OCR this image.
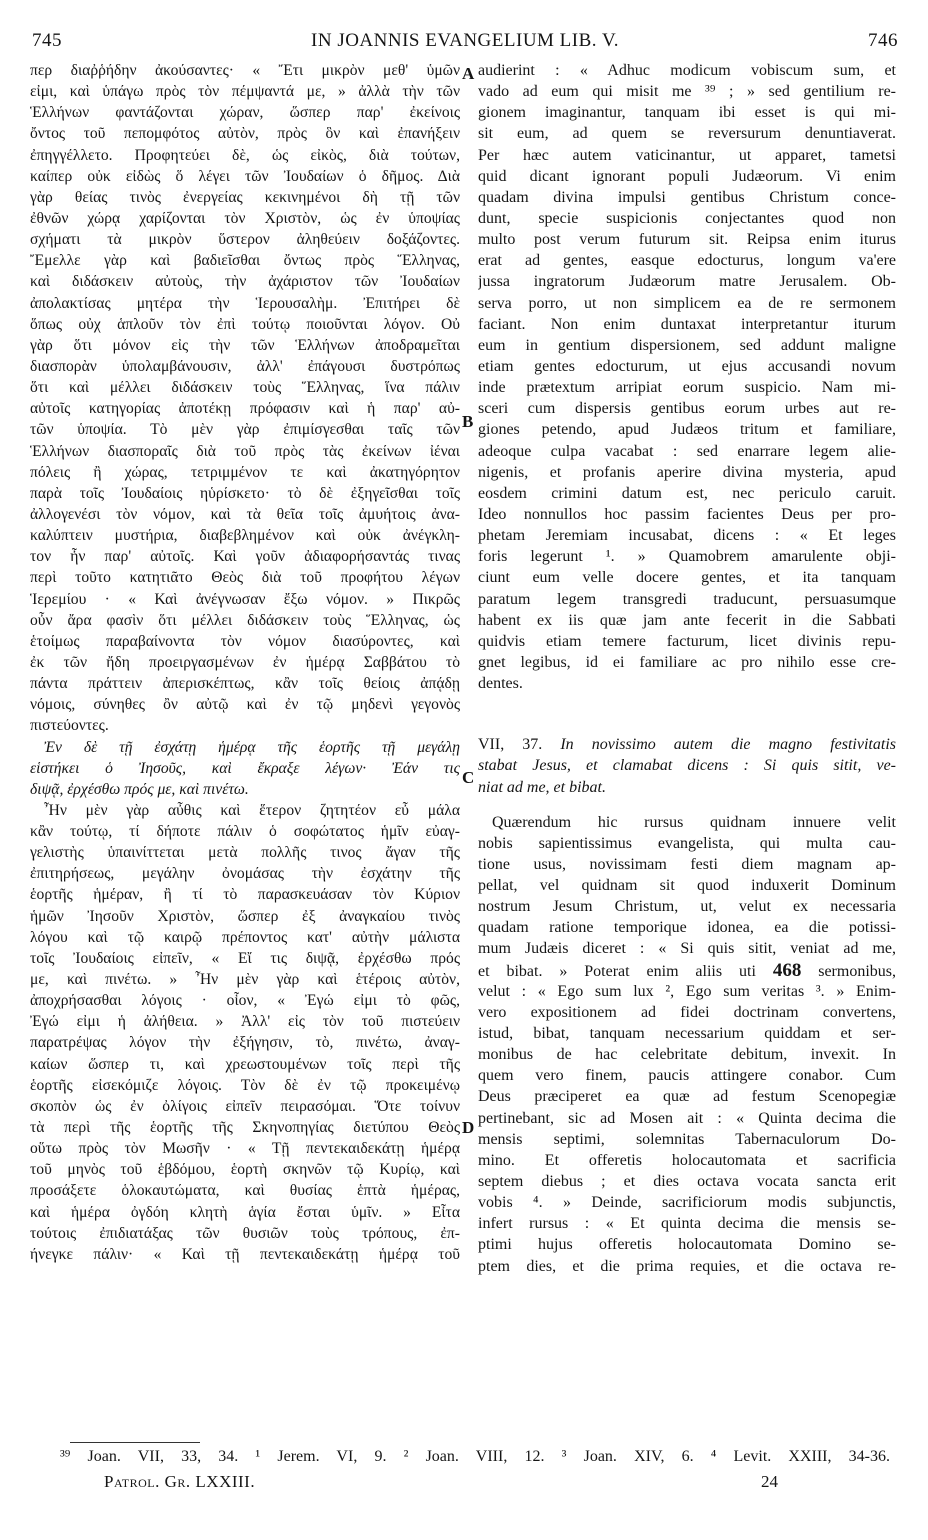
745	IN JOANNIS EVANGELIUM LIB. V.	746
περ διαῤῥήδην ἀκούσαντες· « Ἔτι μικρὸν μεθ' ὑμῶν
εἰμι, καὶ ὑπάγω πρὸς τὸν πέμψαντά με, » ἀλλὰ τὴν τῶν
Ἑλλήνων φαντάζονται χώραν, ὥσπερ παρ' ἐκείνοις
ὄντος τοῦ πεπομφότος αὐτὸν, πρὸς ὃν καὶ ἐπανήξειν
ἐπηγγέλλετο. Προφητεύει δὲ, ὡς εἰκὸς, διὰ τούτων,
καίπερ οὐκ εἰδὼς ὅ λέγει τῶν Ἰουδαίων ὁ δῆμος. Διὰ
γὰρ θείας τινὸς ἐνεργείας κεκινημένοι δὴ τῇ τῶν
ἐθνῶν χώρᾳ χαρίζονται τὸν Χριστὸν, ὡς ἐν ὑποψίας
σχήματι τὰ μικρὸν ὕστερον ἀληθεύειν δοξάζοντες.
Ἔμελλε γὰρ καὶ βαδιεῖσθαι ὄντως πρὸς Ἕλληνας,
καὶ διδάσκειν αὐτοὺς, τὴν ἀχάριστον τῶν Ἰουδαίων
ἀπολακτίσας μητέρα τὴν Ἱερουσαλὴμ. Ἐπιτήρει δὲ
ὅπως οὐχ ἁπλοῦν τὸν ἐπὶ τούτῳ ποιοῦνται λόγον. Οὐ
γὰρ ὅτι μόνον εἰς τὴν τῶν Ἑλλήνων ἀποδραμεῖται
διασπορὰν ὑπολαμβάνουσιν, ἀλλ' ἐπάγουσι δυστρόπως
ὅτι καὶ μέλλει διδάσκειν τοὺς Ἕλληνας, ἵνα πάλιν
αὐτοῖς κατηγορίας ἀποτέκῃ πρόφασιν καὶ ἡ παρ' αὐ-
τῶν ὑποψία. Τὸ μὲν γὰρ ἐπιμίσγεσθαι ταῖς τῶν
Ἑλλήνων διασποραῖς διὰ τοῦ πρὸς τὰς ἐκείνων ἰέναι
πόλεις ἢ χώρας, τετριμμένον τε καὶ ἀκατηγόρητον
παρὰ τοῖς Ἰουδαίοις ηὑρίσκετο· τὸ δὲ ἐξηγεῖσθαι τοῖς
ἀλλογενέσι τὸν νόμον, καὶ τὰ θεῖα τοῖς ἀμυήτοις ἀνα-
καλύπτειν μυστήρια, διαβεβλημένον καὶ οὐκ ἀνέγκλη-
τον ἦν παρ' αὐτοῖς. Καὶ γοῦν ἀδιαφορήσαντάς τινας
περὶ τοῦτο κατητιᾶτο Θεὸς διὰ τοῦ προφήτου λέγων
Ἱερεμίου · « Καὶ ἀνέγνωσαν ἔξω νόμον. » Πικρῶς
οὖν ἄρα φασὶν ὅτι μέλλει διδάσκειν τοὺς Ἕλληνας, ὡς
ἑτοίμως παραβαίνοντα τὸν νόμον διασύροντες, καὶ
ἐκ τῶν ἤδη προειργασμένων ἐν ἡμέρᾳ Σαββάτου τὸ
πάντα πράττειν ἀπερισκέπτως, κἂν τοῖς θείοις ἀπᾴδῃ
νόμοις, σύνηθες ὂν αὐτῷ καὶ ἐν τῷ μηδενὶ γεγονὸς
πιστεύοντες.
Ἐν δὲ τῇ ἐσχάτῃ ἡμέρᾳ τῆς ἑορτῆς τῇ μεγάλῃ
εἱστήκει ὁ Ἰησοῦς, καὶ ἔκραξε λέγων· Ἐάν τις
διψᾷ, ἐρχέσθω πρός με, καὶ πινέτω.
Ἦν μὲν γὰρ αὖθις καὶ ἕτερον ζητητέον εὖ μάλα
κἂν τούτῳ, τί δήποτε πάλιν ὁ σοφώτατος ἡμῖν εὐαγ-
γελιστὴς ὑπαινίττεται μετὰ πολλῆς τινος ἄγαν τῆς
ἐπιτηρήσεως, μεγάλην ὀνομάσας τὴν ἐσχάτην τῆς
ἑορτῆς ἡμέραν, ἢ τί τὸ παρασκευάσαν τὸν Κύριον
ἡμῶν Ἰησοῦν Χριστὸν, ὥσπερ ἐξ ἀναγκαίου τινὸς
λόγου καὶ τῷ καιρῷ πρέποντος κατ' αὐτὴν μάλιστα
τοῖς Ἰουδαίοις εἰπεῖν, « Εἴ τις διψᾷ, ἐρχέσθω πρός
με, καὶ πινέτω. » Ἦν μὲν γὰρ καὶ ἑτέροις αὐτὸν,
ἀποχρήσασθαι λόγοις · οἷον, « Ἐγώ εἰμι τὸ φῶς,
Ἐγώ εἰμι ἡ ἀλήθεια. » Ἀλλ' εἰς τὸν τοῦ πιστεύειν
παρατρέψας λόγον τὴν ἐξήγησιν, τὸ, πινέτω, ἀναγ-
καίων ὥσπερ τι, καὶ χρεωστουμένων τοῖς περὶ τῆς
ἑορτῆς εἰσεκόμιζε λόγοις. Τὸν δὲ ἐν τῷ προκειμένῳ
σκοπὸν ὡς ἐν ὀλίγοις εἰπεῖν πειρασόμαι. Ὅτε τοίνυν
τὰ περὶ τῆς ἑορτῆς τῆς Σκηνοπηγίας διετύπου Θεὸς
οὕτω πρὸς τὸν Μωσῆν · « Τῇ πεντεκαιδεκάτῃ ἡμέρᾳ
τοῦ μηνὸς τοῦ ἑβδόμου, ἑορτὴ σκηνῶν τῷ Κυρίῳ, καὶ
προσάξετε ὁλοκαυτώματα, καὶ θυσίας ἑπτὰ ἡμέρας,
καὶ ἡμέρα ὀγδόη κλητὴ ἁγία ἔσται ὑμῖν. » Εἶτα
τούτοις ἐπιδιατάξας τῶν θυσιῶν τοὺς τρόπους, ἐπ-
ήνεγκε πάλιν· « Καὶ τῇ πεντεκαιδεκάτῃ ἡμέρᾳ τοῦ
audierint : « Adhuc modicum vobiscum sum, et
vado ad eum qui misit me ³⁹ ; » sed gentilium re-
gionem imaginantur, tanquam ibi esset is qui mi-
sit eum, ad quem se reversurum denuntiaverat.
Per hæc autem vaticinantur, ut apparet, tametsi
quid dicant ignorant populi Judæorum. Vi enim
quadam divina impulsi gentibus Christum conce-
dunt, specie suspicionis conjectantes quod non
multo post verum futurum sit. Reipsa enim iturus
erat ad gentes, easque edocturus, longum va'ere
jussa ingratorum Judæorum matre Jerusalem. Ob-
serva porro, ut non simplicem ea de re sermonem
faciant. Non enim duntaxat interpretantur iturum
eum in gentium dispersionem, sed addunt maligne
etiam gentes edocturum, ut ejus accusandi novum
inde prætextum arripiat eorum suspicio. Nam mi-
sceri cum dispersis gentibus eorum urbes aut re-
giones petendo, apud Judæos tritum et familiare,
adeoque culpa vacabat : sed enarrare legem alie-
nigenis, et profanis aperire divina mysteria, apud
eosdem crimini datum est, nec periculo caruit.
Ideo nonnullos hoc passim facientes Deus per pro-
phetam Jeremiam incusabat, dicens : « Et leges
foris legerunt ¹. » Quamobrem amarulente obji-
ciunt eum velle docere gentes, et ita tanquam
paratum legem transgredi traducunt, persuasumque
habent ex iis quæ jam ante fecerit in die Sabbati
quidvis etiam temere facturum, licet divinis repu-
gnet legibus, id ei familiare ac pro nihilo esse cre-
dentes.
VII, 37. In novissimo autem die magno festivitatis
stabat Jesus, et clamabat dicens : Si quis sitit, ve-
niat ad me, et bibat.
Quærendum hic rursus quidnam innuere velit
nobis sapientissimus evangelista, qui multa cau-
tione usus, novissimam festi diem magnam ap-
pellat, vel quidnam sit quod induxerit Dominum
nostrum Jesum Christum, ut, velut ex necessaria
quadam ratione temporique idonea, ea die potissi-
mum Judæis diceret : « Si quis sitit, veniat ad me,
et bibat. » Poterat enim aliis uti 468 sermonibus,
velut : « Ego sum lux ², Ego sum veritas ³. » Enim-
vero expositionem ad fidei doctrinam convertens,
istud, bibat, tanquam necessarium quiddam et ser-
monibus de hac celebritate debitum, invexit. In
quem vero finem, paucis attingere conabor. Cum
Deus præciperet ea quæ ad festum Scenopegiæ
pertinebant, sic ad Mosen ait : « Quinta decima die
mensis septimi, solemnitas Tabernaculorum Do-
mino. Et offeretis holocautomata et sacrificia
septem diebus ; et dies octava vocata sancta erit
vobis ⁴. » Deinde, sacrificiorum modis subjunctis,
infert rursus : « Et quinta decima die mensis se-
ptimi hujus offeretis holocautomata Domino se-
ptem dies, et die prima requies, et die octava re-
A
B
C
D
³⁹ Joan. VII, 33, 34. ¹ Jerem. VI, 9. ² Joan. VIII, 12. ³ Joan. XIV, 6. ⁴ Levit. XXIII, 34-36.
Patrol. Gr. LXXIII.	24
